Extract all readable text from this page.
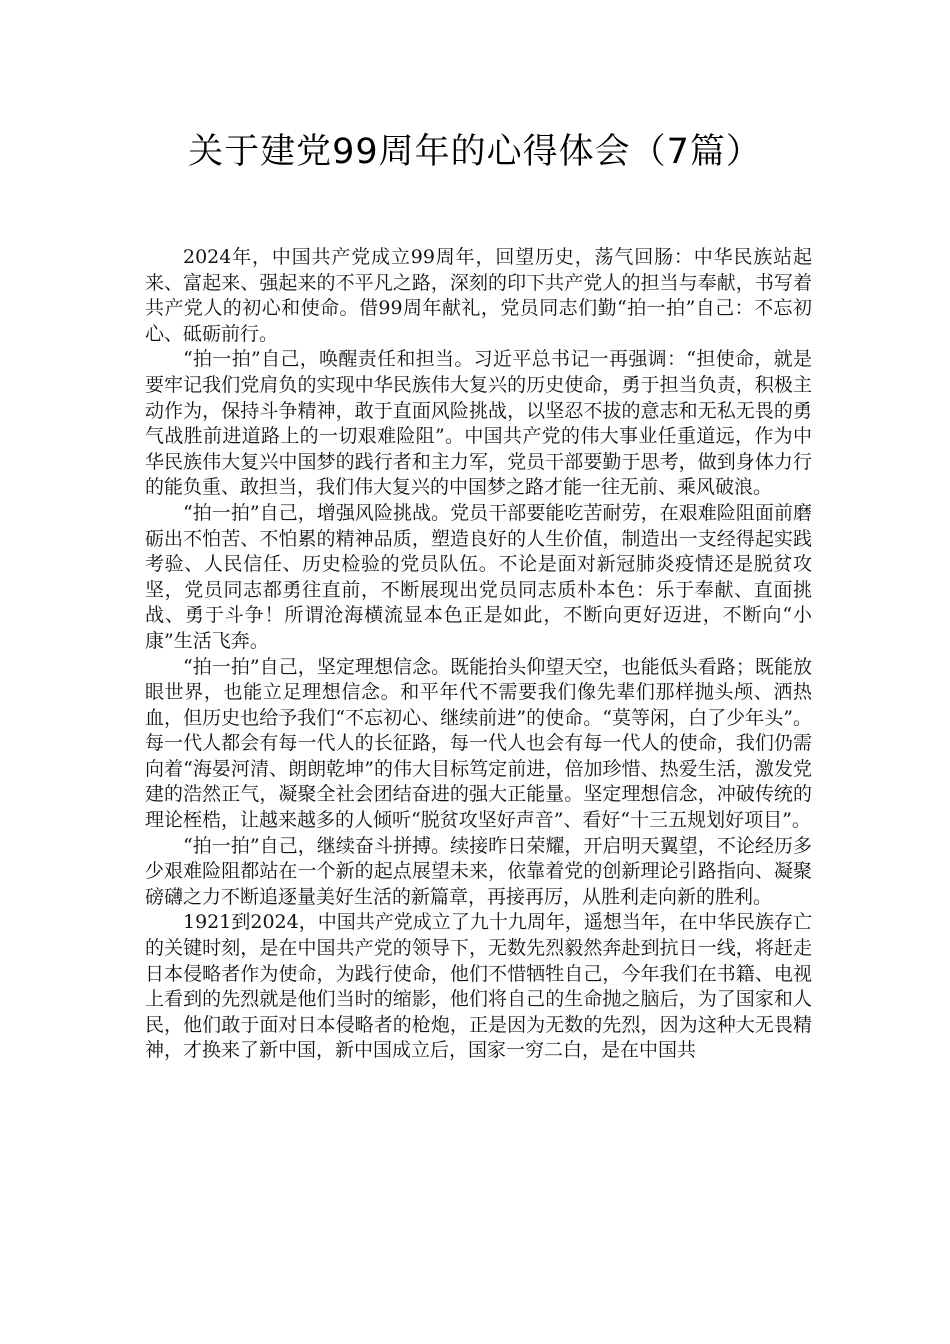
关于建党99周年的心得体会（7篇）

2024年，中国共产党成立99周年，回望历史，荡气回肠：中华民族站起来、富起来、强起来的不平凡之路，深刻的印下共产党人的担当与奉献，书写着共产党人的初心和使命。借99周年献礼，党员同志们勤“拍一拍”自己：不忘初心、砥砺前行。

“拍一拍”自己，唤醒责任和担当。习近平总书记一再强调：“担使命，就是要牢记我们党肩负的实现中华民族伟大复兴的历史使命，勇于担当负责，积极主动作为，保持斗争精神，敢于直面风险挑战，以坚忍不拔的意志和无私无畏的勇气战胜前进道路上的一切艰难险阻”。中国共产党的伟大事业任重道远，作为中华民族伟大复兴中国梦的践行者和主力军，党员干部要勤于思考，做到身体力行的能负重、敢担当，我们伟大复兴的中国梦之路才能一往无前、乘风破浪。

“拍一拍”自己，增强风险挑战。党员干部要能吃苦耐劳，在艰难险阻面前磨砺出不怕苦、不怕累的精神品质，塑造良好的人生价值，制造出一支经得起实践考验、人民信任、历史检验的党员队伍。不论是面对新冠肺炎疫情还是脱贫攻坚，党员同志都勇往直前，不断展现出党员同志质朴本色：乐于奉献、直面挑战、勇于斗争！所谓沧海横流显本色正是如此，不断向更好迈进，不断向“小康”生活飞奔。

“拍一拍”自己，坚定理想信念。既能抬头仰望天空，也能低头看路；既能放眼世界，也能立足理想信念。和平年代不需要我们像先辈们那样抛头颅、洒热血，但历史也给予我们“不忘初心、继续前进”的使命。“莫等闲，白了少年头”。每一代人都会有每一代人的长征路，每一代人也会有每一代人的使命，我们仍需向着“海晏河清、朗朗乾坤”的伟大目标笃定前进，倍加珍惜、热爱生活，激发党建的浩然正气，凝聚全社会团结奋进的强大正能量。坚定理想信念，冲破传统的理论桎梏，让越来越多的人倾听“脱贫攻坚好声音”、看好“十三五规划好项目”。

“拍一拍”自己，继续奋斗拼搏。续接昨日荣耀，开启明天翼望，不论经历多少艰难险阻都站在一个新的起点展望未来，依靠着党的创新理论引路指向、凝聚磅礴之力不断追逐量美好生活的新篇章，再接再厉，从胜利走向新的胜利。

1921到2024，中国共产党成立了九十九周年，遥想当年，在中华民族存亡的关键时刻，是在中国共产党的领导下，无数先烈毅然奔赴到抗日一线，将赶走日本侵略者作为使命，为践行使命，他们不惜牺牲自己，今年我们在书籍、电视上看到的先烈就是他们当时的缩影，他们将自己的生命抛之脑后，为了国家和人民，他们敢于面对日本侵略者的枪炮，正是因为无数的先烈，因为这种大无畏精神，才换来了新中国，新中国成立后，国家一穷二白，是在中国共
